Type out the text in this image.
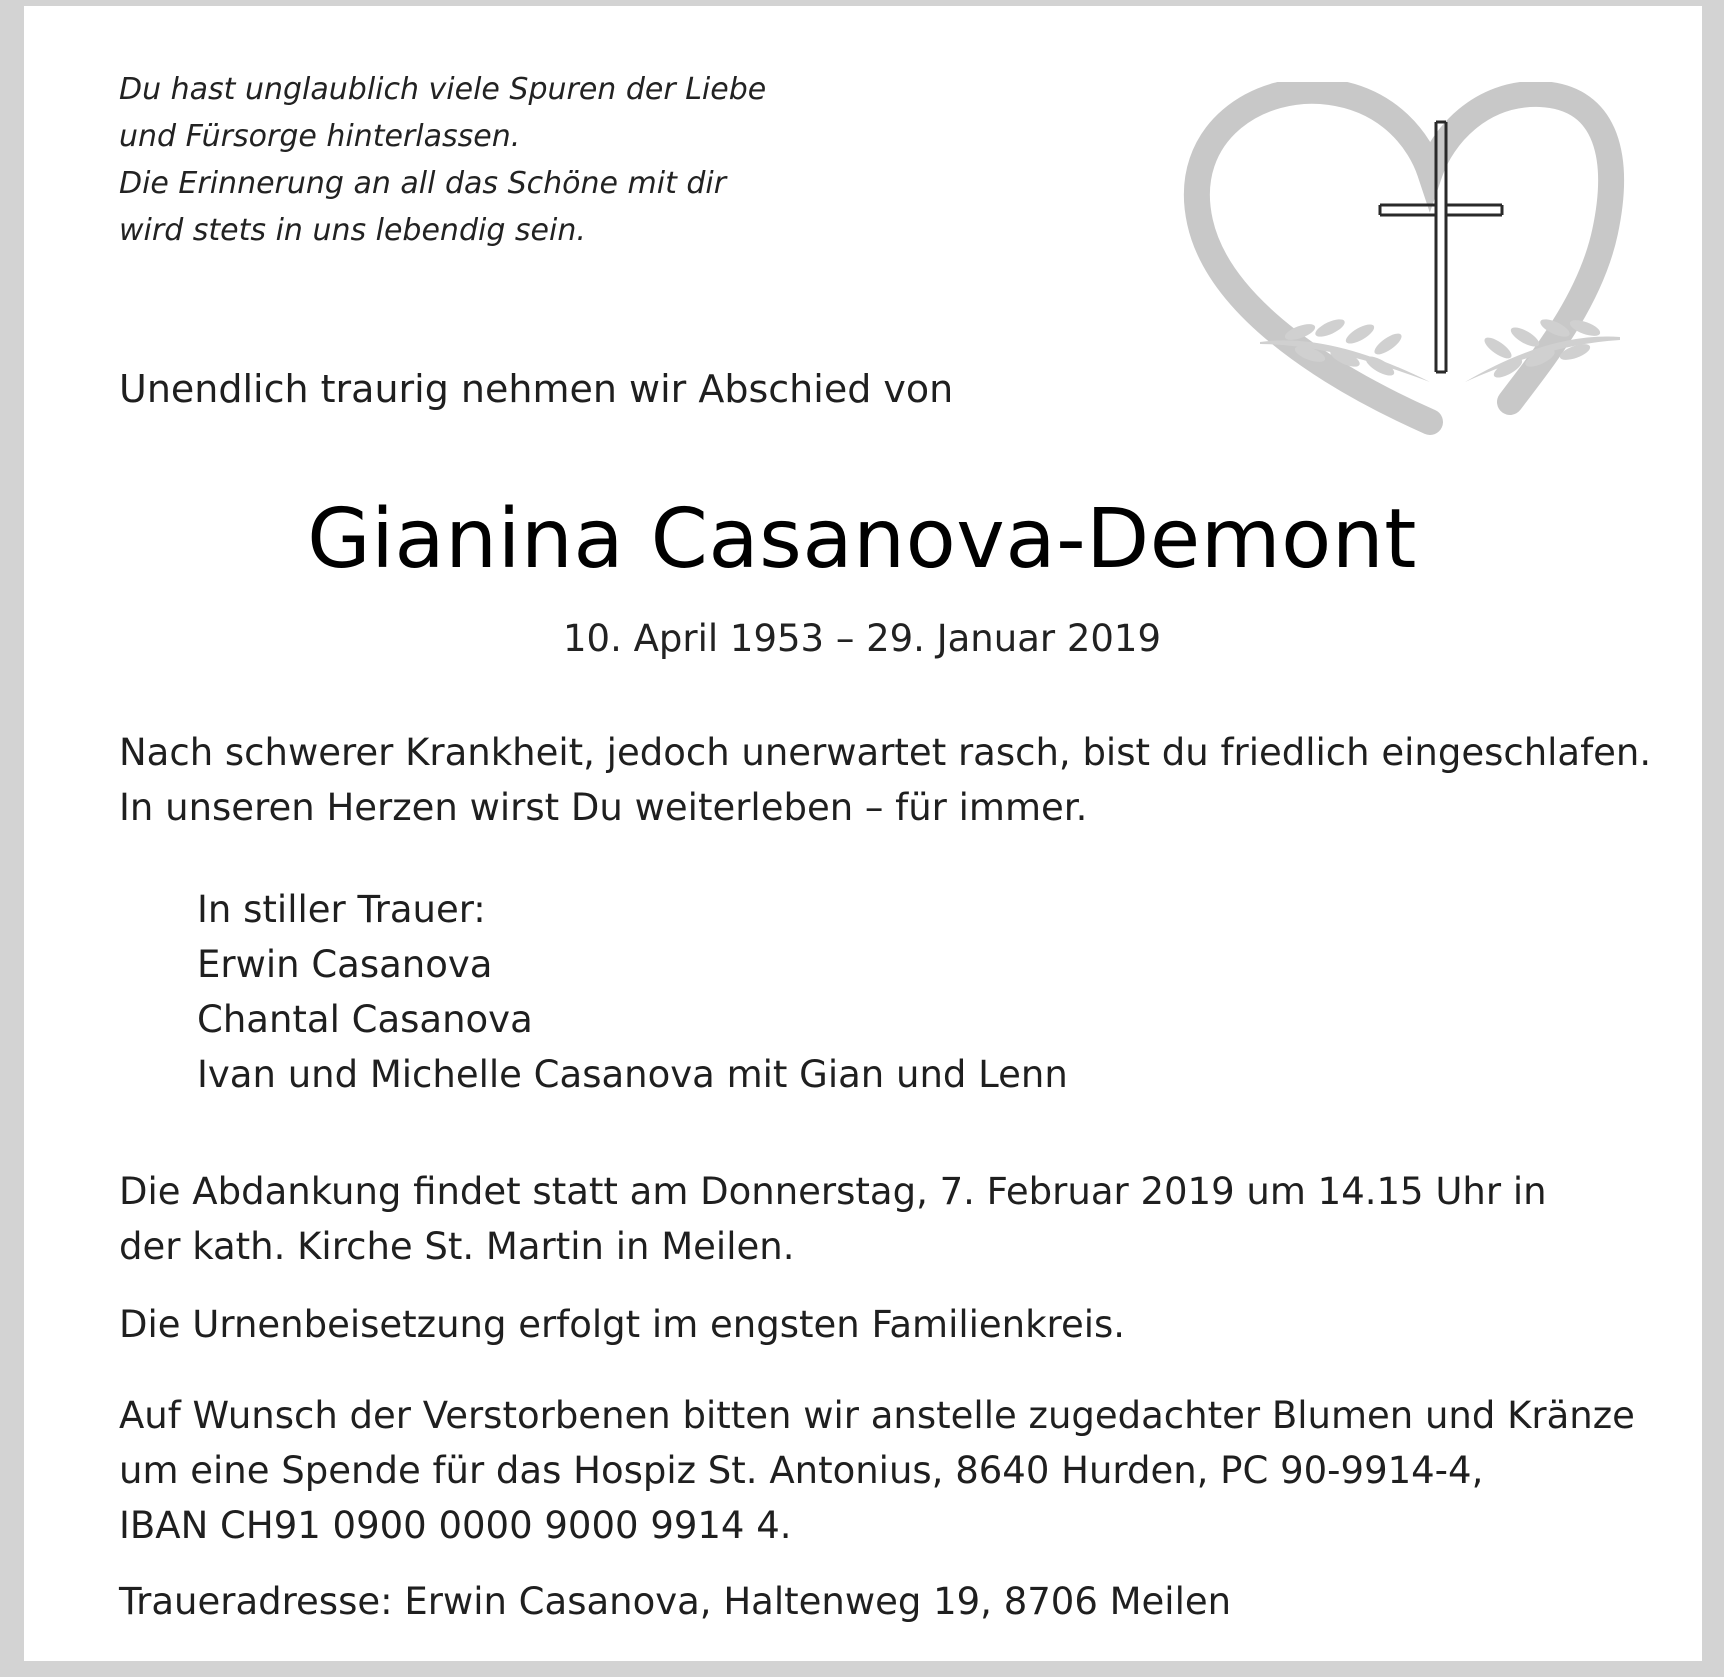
Du hast unglaublich viele Spuren der Liebe
und Fürsorge hinterlassen.
Die Erinnerung an all das Schöne mit dir
wird stets in uns lebendig sein.
Unendlich traurig nehmen wir Abschied von
Gianina Casanova-Demont
10. April 1953 – 29. Januar 2019
Nach schwerer Krankheit, jedoch unerwartet rasch, bist du friedlich eingeschlafen.
In unseren Herzen wirst Du weiterleben – für immer.
In stiller Trauer:
Erwin Casanova
Chantal Casanova
Ivan und Michelle Casanova mit Gian und Lenn
Die Abdankung findet statt am Donnerstag, 7. Februar 2019 um 14.15 Uhr in
der kath. Kirche St. Martin in Meilen.
Die Urnenbeisetzung erfolgt im engsten Familienkreis.
Auf Wunsch der Verstorbenen bitten wir anstelle zugedachter Blumen und Kränze
um eine Spende für das Hospiz St. Antonius, 8640 Hurden, PC 90-9914-4,
IBAN CH91 0900 0000 9000 9914 4.
Traueradresse: Erwin Casanova, Haltenweg 19, 8706 Meilen
